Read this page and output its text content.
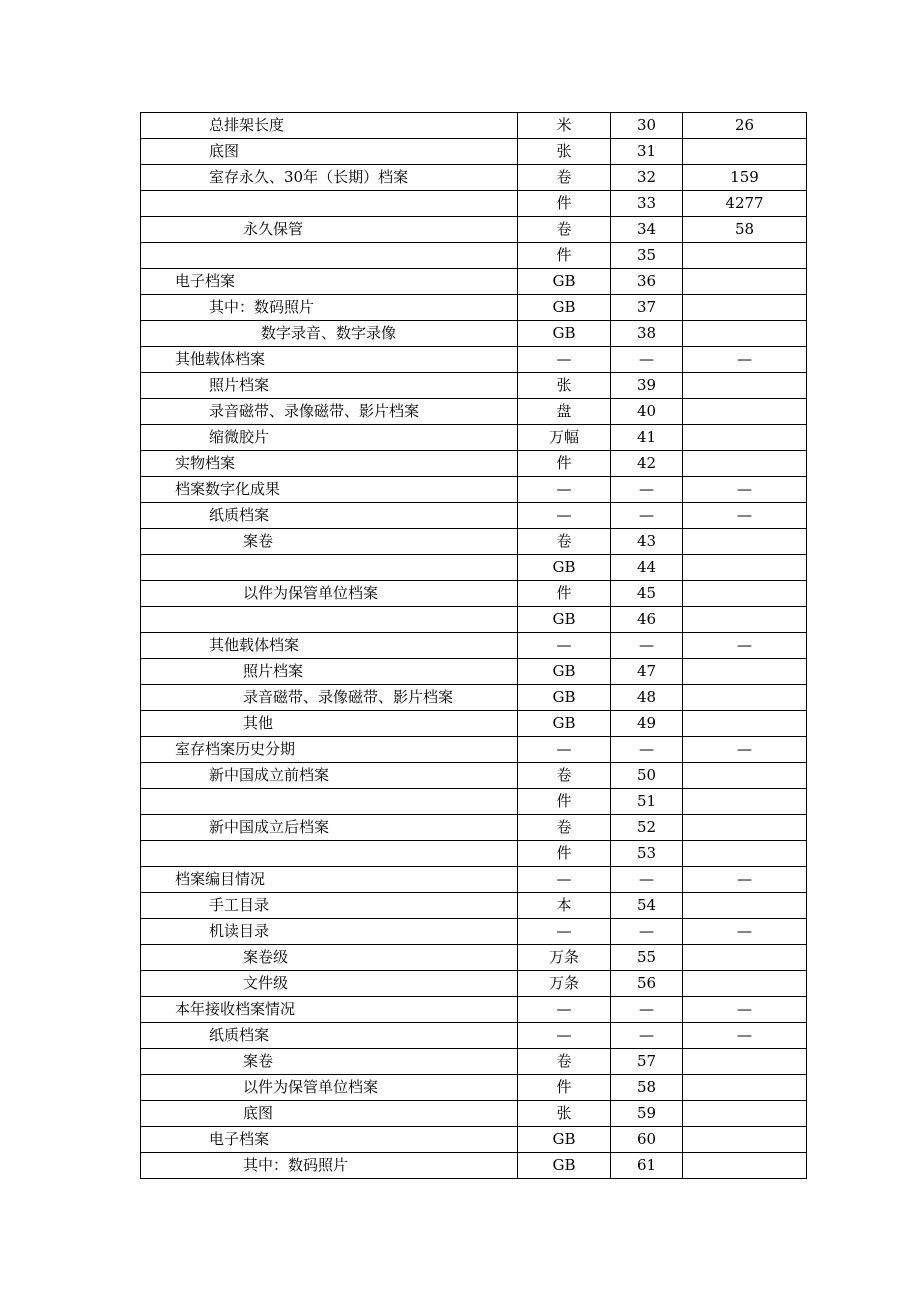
总排架长度	米	30	26
底图	张	31	
室存永久、30年（长期）档案	卷	32	159
	件	33	4277
永久保管	卷	34	58
	件	35	
电子档案	GB	36	
其中：数码照片	GB	37	
数字录音、数字录像	GB	38	
其他载体档案	—	—	—
照片档案	张	39	
录音磁带、录像磁带、影片档案	盘	40	
缩微胶片	万幅	41	
实物档案	件	42	
档案数字化成果	—	—	—
纸质档案	—	—	—
案卷	卷	43	
	GB	44	
以件为保管单位档案	件	45	
	GB	46	
其他载体档案	—	—	—
照片档案	GB	47	
录音磁带、录像磁带、影片档案	GB	48	
其他	GB	49	
室存档案历史分期	—	—	—
新中国成立前档案	卷	50	
	件	51	
新中国成立后档案	卷	52	
	件	53	
档案编目情况	—	—	—
手工目录	本	54	
机读目录	—	—	—
案卷级	万条	55	
文件级	万条	56	
本年接收档案情况	—	—	—
纸质档案	—	—	—
案卷	卷	57	
以件为保管单位档案	件	58	
底图	张	59	
电子档案	GB	60	
其中：数码照片	GB	61	
